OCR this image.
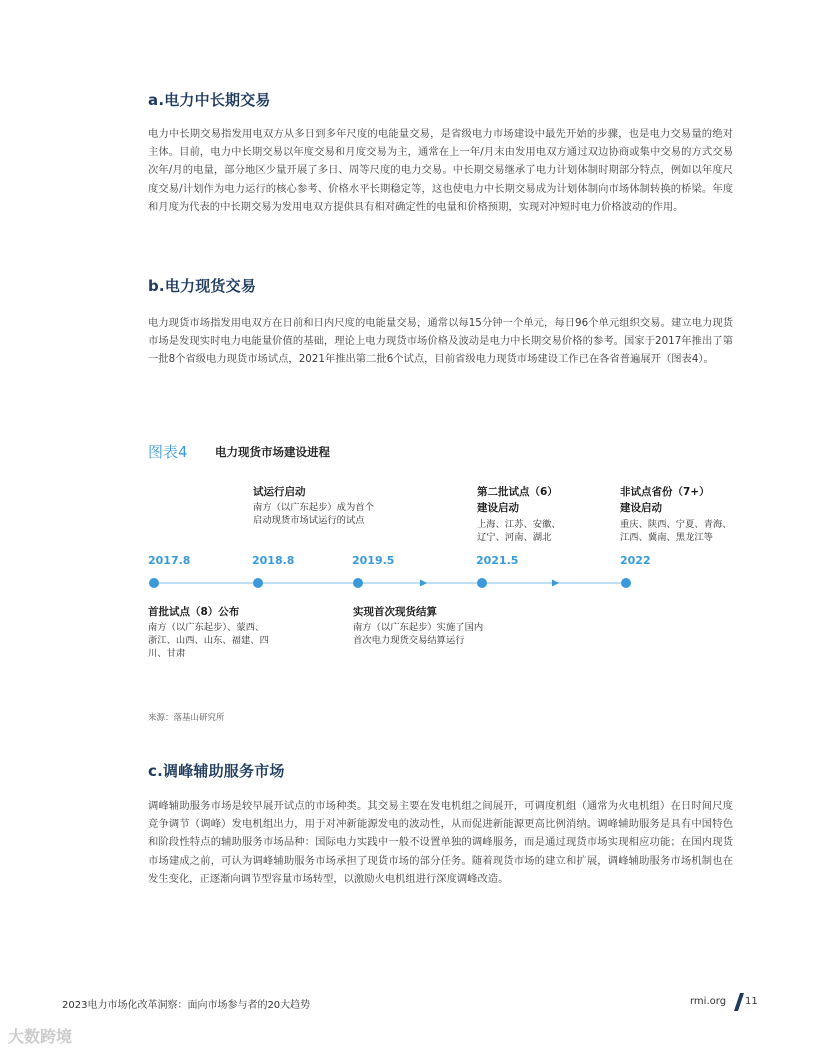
a.电力中长期交易

电力中长期交易指发用电双方从多日到多年尺度的电能量交易，是省级电力市场建设中最先开始的步骤，也是电力交易量的绝对主体。目前，电力中长期交易以年度交易和月度交易为主，通常在上一年/月末由发用电双方通过双边协商或集中交易的方式交易次年/月的电量，部分地区少量开展了多日、周等尺度的电力交易。中长期交易继承了电力计划体制时期部分特点，例如以年度尺度交易/计划作为电力运行的核心参考、价格水平长期稳定等，这也使电力中长期交易成为计划体制向市场体制转换的桥梁。年度和月度为代表的中长期交易为发用电双方提供具有相对确定性的电量和价格预期，实现对冲短时电力价格波动的作用。

b.电力现货交易

电力现货市场指发用电双方在日前和日内尺度的电能量交易，通常以每15分钟一个单元，每日96个单元组织交易。建立电力现货市场是发现实时电力电能量价值的基础，理论上电力现货市场价格及波动是电力中长期交易价格的参考。国家于2017年推出了第一批8个省级电力现货市场试点，2021年推出第二批6个试点，目前省级电力现货市场建设工作已在各省普遍展开（图表4）。

图表4 电力现货市场建设进程
2017.8	2018.8	2019.5	2021.5	2022
试运行启动
南方（以广东起步）成为首个
启动现货市场试运行的试点
第二批试点（6）
建设启动
上海、江苏、安徽、
辽宁、河南、湖北
非试点省份（7+）
建设启动
重庆、陕西、宁夏、青海、
江西、冀南、黑龙江等
首批试点（8）公布
南方（以广东起步）、蒙西、
浙江、山西、山东、福建、四
川、甘肃
实现首次现货结算
南方（以广东起步）实施了国内
首次电力现货交易结算运行
来源：落基山研究所
c.调峰辅助服务市场

调峰辅助服务市场是较早展开试点的市场种类。其交易主要在发电机组之间展开，可调度机组（通常为火电机组）在日时间尺度竞争调节（调峰）发电机组出力，用于对冲新能源发电的波动性，从而促进新能源更高比例消纳。调峰辅助服务是具有中国特色和阶段性特点的辅助服务市场品种：国际电力实践中一般不设置单独的调峰服务，而是通过现货市场实现相应功能；在国内现货市场建成之前，可认为调峰辅助服务市场承担了现货市场的部分任务。随着现货市场的建立和扩展，调峰辅助服务市场机制也在发生变化，正逐渐向调节型容量市场转型，以激励火电机组进行深度调峰改造。

2023电力市场化改革洞察：面向市场参与者的20大趋势	rmi.org 11
大数跨境
